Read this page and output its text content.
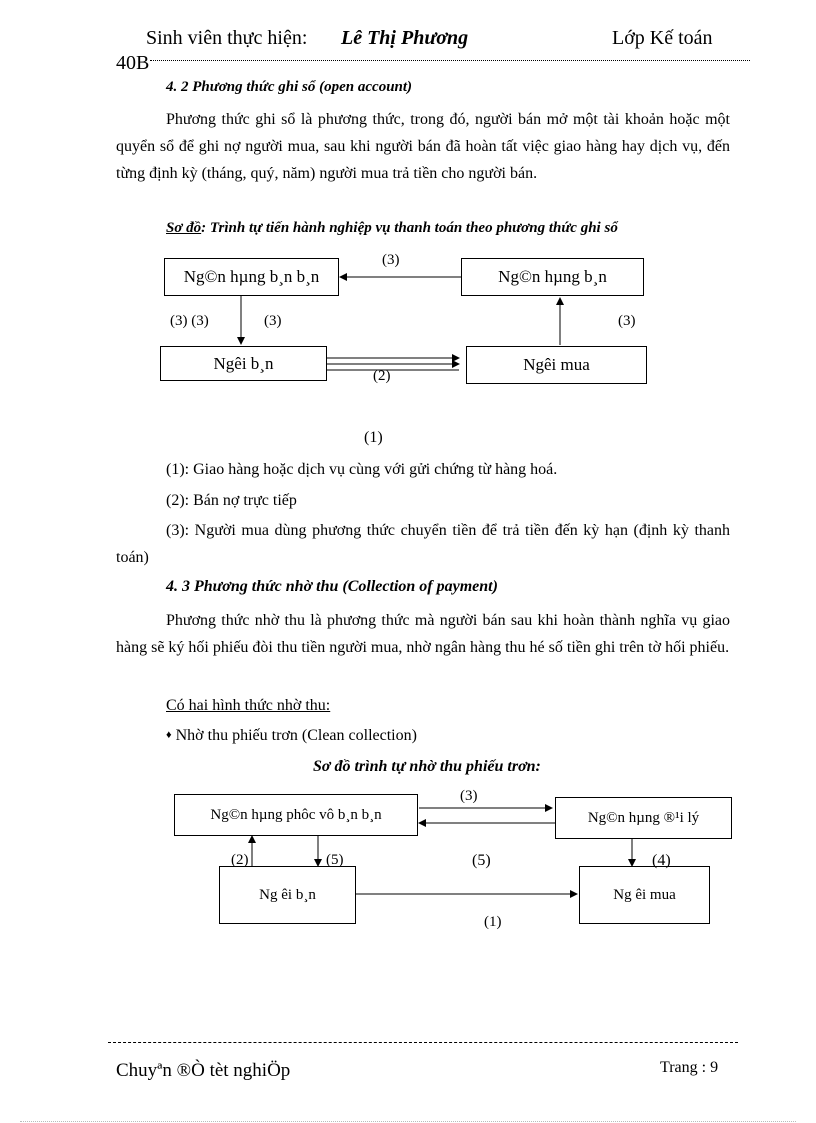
Sinh viên thực hiện: Lê Thị Phương	Lớp Kế toán
40B
4. 2 Phương thức ghi sổ (open account)
Phương thức ghi sổ là phương thức, trong đó, người bán mở một tài khoản hoặc một quyển sổ để ghi nợ người mua, sau khi người bán đã hoàn tất việc giao hàng hay dịch vụ, đến từng định kỳ (tháng, quý, năm) người mua trả tiền cho người bán.
Sơ đồ: Trình tự tiến hành nghiệp vụ thanh toán theo phương thức ghi sổ
Ng©n hµng b¸n b¸n	Ng©n hµng b¸n
Ngêi b¸n	Ngêi mua
(3)
(3) (3)	(3)	(3)
(2)
(1)
(1): Giao hàng hoặc dịch vụ cùng với gửi chứng từ hàng hoá.
(2): Bán nợ trực tiếp
(3): Người mua dùng phương thức chuyển tiền để trả tiền đến kỳ hạn (định kỳ thanh toán)
4. 3 Phương thức nhờ thu (Collection of payment)
Phương thức nhờ thu là phương thức mà người bán sau khi hoàn thành nghĩa vụ giao hàng sẽ ký hối phiếu đòi thu tiền người mua, nhờ ngân hàng thu hé số tiền ghi trên tờ hối phiếu.
Có hai hình thức nhờ thu:
♦ Nhờ thu phiếu trơn (Clean collection)
Sơ đồ trình tự nhờ thu phiếu trơn:
Ng©n hµng phôc vô b¸n b¸n	Ng©n hµng ®¹i lý
Ng êi b¸n	Ng êi mua
(3)
(2)	(5)	(5)	(4)
(1)
Chuyªn ®Ò tèt nghiÖp	Trang : 9
